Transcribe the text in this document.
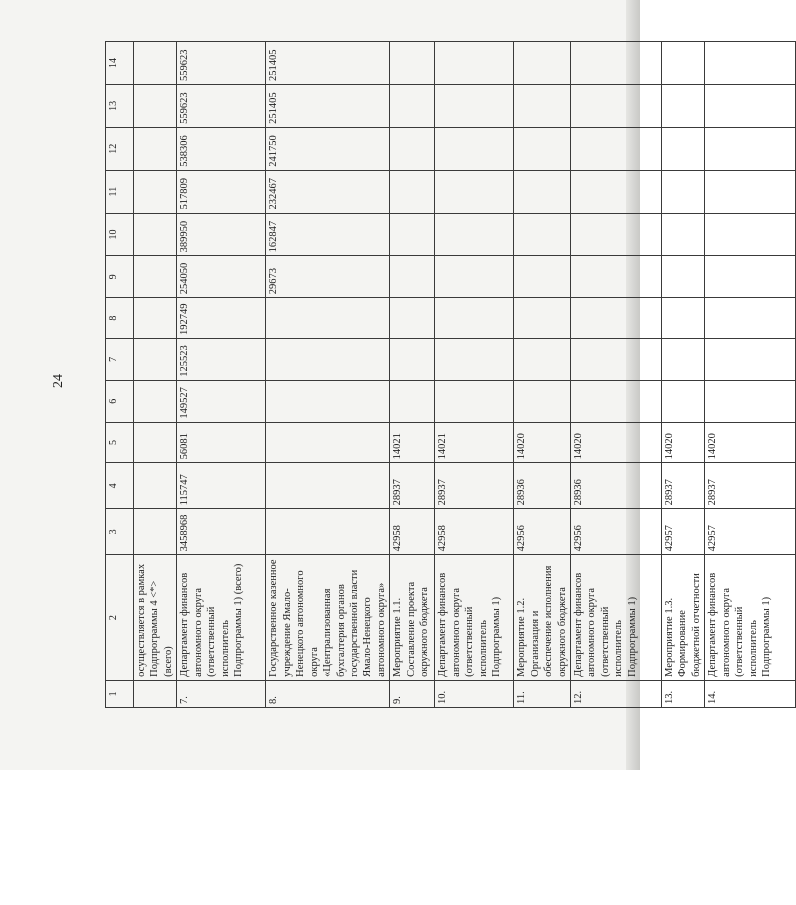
24
1	2	3	4	5	6	7	8	9	10	11	12	13	14
	осуществляется в рамках Подпрограммы 4 <*> (всего)												
7.	Департамент финансов автономного округа (ответственный исполнитель Подпрограммы 1) (всего)	3458968	115747	56081	149527	125523	192749	254050	389950	517809	538306	559623	559623
8.	Государственное казенное учреждение Ямало-Ненецкого автономного округа «Централизованная бухгалтерия органов государственной власти Ямало-Ненецкого автономного округа»							29673	162847	232467	241750	251405	251405
9.	Мероприятие 1.1. Составление проекта окружного бюджета	42958	28937	14021									
10.	Департамент финансов автономного округа (ответственный исполнитель Подпрограммы 1)	42958	28937	14021									
11.	Мероприятие 1.2. Организация и обеспечение исполнения окружного бюджета	42956	28936	14020									
12.	Департамент финансов автономного округа (ответственный исполнитель Подпрограммы 1)	42956	28936	14020									
13.	Мероприятие 1.3. Формирование бюджетной отчетности	42957	28937	14020									
14.	Департамент финансов автономного округа (ответственный исполнитель Подпрограммы 1)	42957	28937	14020									
